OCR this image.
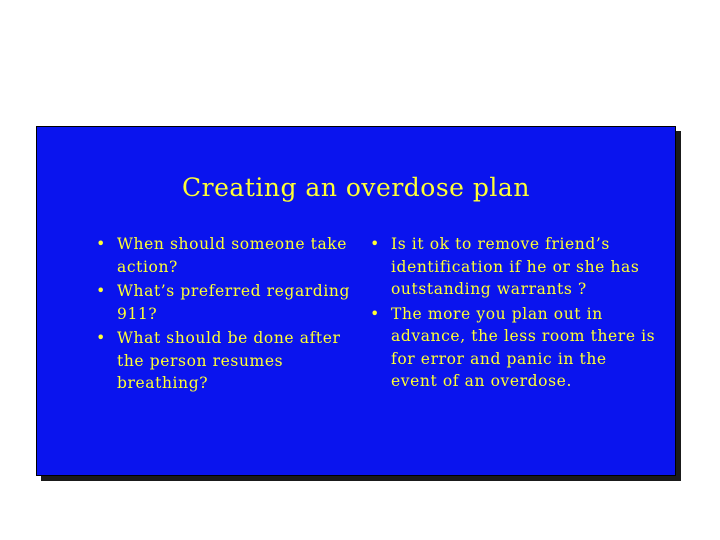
Creating an overdose plan
• When should someone take action?
• What’s preferred regarding 911?
• What should be done after the person resumes breathing?
• Is it ok to remove friend’s identification if he or she has outstanding warrants ?
• The more you plan out in advance, the less room there is for error and panic in the event of an overdose.
